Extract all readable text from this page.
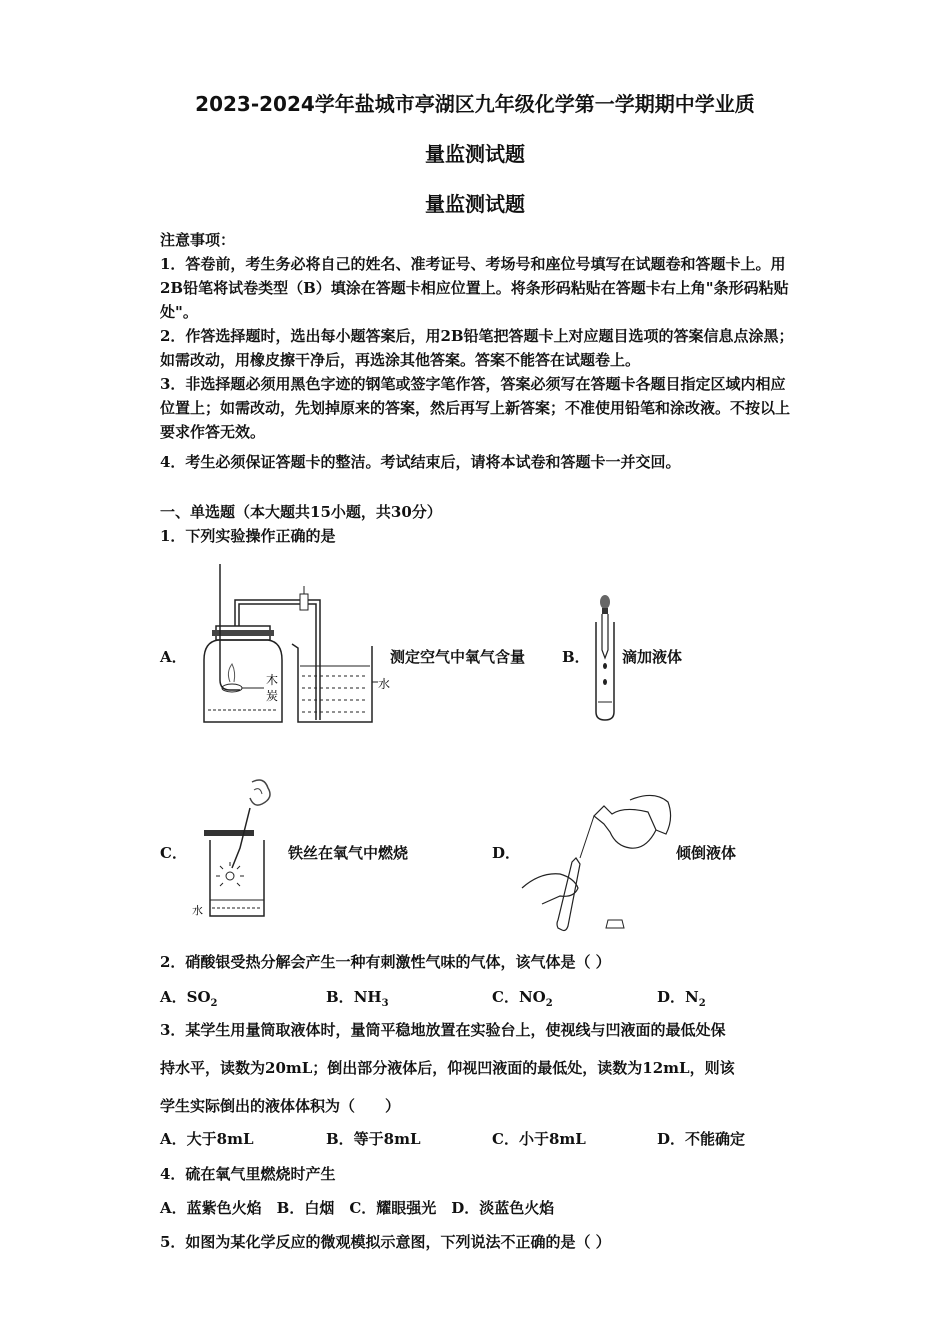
2023-2024学年盐城市亭湖区九年级化学第一学期期中学业质
量监测试题
量监测试题
注意事项：
1．答卷前，考生务必将自己的姓名、准考证号、考场号和座位号填写在试题卷和答题卡上。用2B铅笔将试卷类型（B）填涂在答题卡相应位置上。将条形码粘贴在答题卡右上角"条形码粘贴处"。
2．作答选择题时，选出每小题答案后，用2B铅笔把答题卡上对应题目选项的答案信息点涂黑；如需改动，用橡皮擦干净后，再选涂其他答案。答案不能答在试题卷上。
3．非选择题必须用黑色字迹的钢笔或签字笔作答，答案必须写在答题卡各题目指定区域内相应位置上；如需改动，先划掉原来的答案，然后再写上新答案；不准使用铅笔和涂改液。不按以上要求作答无效。
4．考生必须保证答题卡的整洁。考试结束后，请将本试卷和答题卡一并交回。
一、单选题（本大题共15小题，共30分）
1．下列实验操作正确的是
A．
木
炭
水
测定空气中氧气含量 B． 滴加液体
C．
水
铁丝在氧气中燃烧	D．	倾倒液体
2．硝酸银受热分解会产生一种有刺激性气味的气体，该气体是（ ）
A．$SO_2$	B．$NH_3$	C．$NO_2$	D．$N_2$
3．某学生用量筒取液体时，量筒平稳地放置在实验台上，使视线与凹液面的最低处保
持水平，读数为20mL；倒出部分液体后，仰视凹液面的最低处，读数为12mL，则该
学生实际倒出的液体体积为（　　）
A．大于8mL	B．等于8mL	C．小于8mL	D．不能确定
4．硫在氧气里燃烧时产生
A．蓝紫色火焰　B．白烟　C．耀眼强光　D．淡蓝色火焰
5．如图为某化学反应的微观模拟示意图，下列说法不正确的是（ ）
